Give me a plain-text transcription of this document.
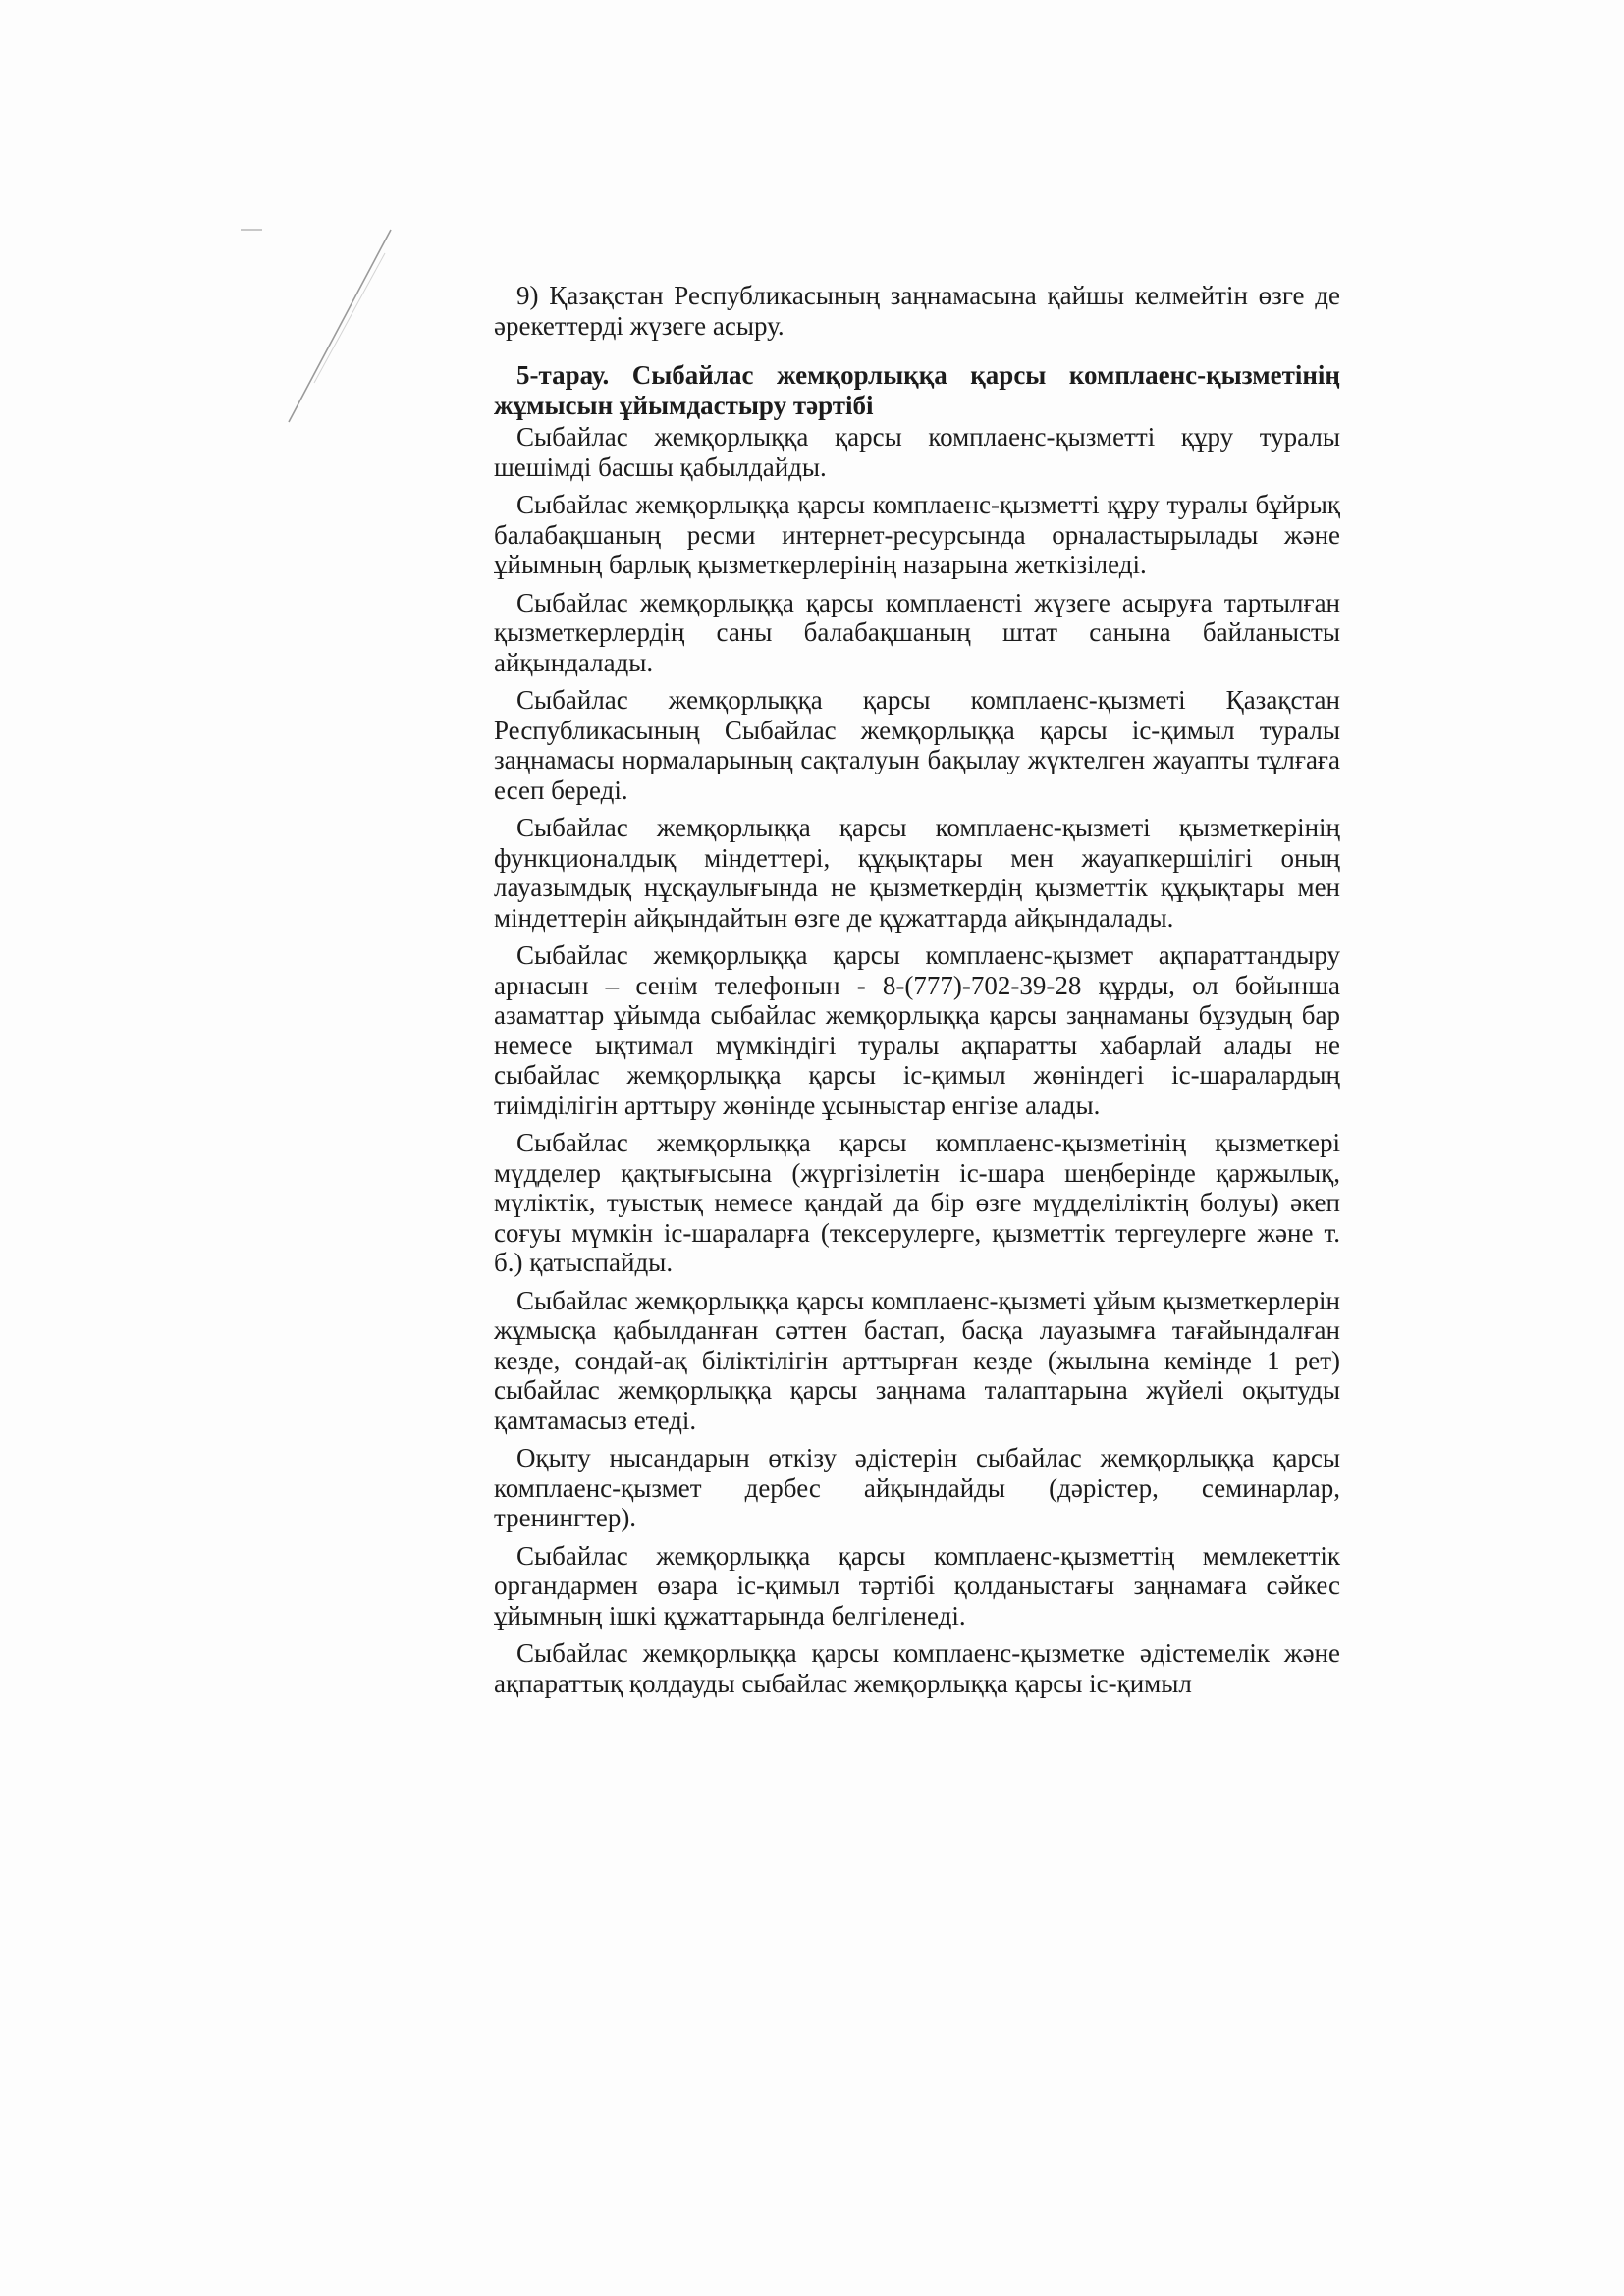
9) Қазақстан Республикасының заңнамасына қайшы келмейтін өзге де әрекеттерді жүзеге асыру.

5-тарау. Сыбайлас жемқорлыққа қарсы комплаенс-қызметінің жұмысын ұйымдастыру тәртібі

Сыбайлас жемқорлыққа қарсы комплаенс-қызметті құру туралы шешімді басшы қабылдайды.

Сыбайлас жемқорлыққа қарсы комплаенс-қызметті құру туралы бұйрық балабақшаның ресми интернет-ресурсында орналастырылады және ұйымның барлық қызметкерлерінің назарына жеткізіледі.

Сыбайлас жемқорлыққа қарсы комплаенсті жүзеге асыруға тартылған қызметкерлердің саны балабақшаның штат санына байланысты айқындалады.

Сыбайлас жемқорлыққа қарсы комплаенс-қызметі Қазақстан Республикасының Сыбайлас жемқорлыққа қарсы іс-қимыл туралы заңнамасы нормаларының сақталуын бақылау жүктелген жауапты тұлғаға есеп береді.

Сыбайлас жемқорлыққа қарсы комплаенс-қызметі қызметкерінің функционалдық міндеттері, құқықтары мен жауапкершілігі оның лауазымдық нұсқаулығында не қызметкердің қызметтік құқықтары мен міндеттерін айқындайтын өзге де құжаттарда айқындалады.

Сыбайлас жемқорлыққа қарсы комплаенс-қызмет ақпараттандыру арнасын – сенім телефонын - 8-(777)-702-39-28 құрды, ол бойынша азаматтар ұйымда сыбайлас жемқорлыққа қарсы заңнаманы бұзудың бар немесе ықтимал мүмкіндігі туралы ақпаратты хабарлай алады не сыбайлас жемқорлыққа қарсы іс-қимыл жөніндегі іс-шаралардың тиімділігін арттыру жөнінде ұсыныстар енгізе алады.

Сыбайлас жемқорлыққа қарсы комплаенс-қызметінің қызметкері мүдделер қақтығысына (жүргізілетін іс-шара шеңберінде қаржылық, мүліктік, туыстық немесе қандай да бір өзге мүдделіліктің болуы) әкеп соғуы мүмкін іс-шараларға (тексерулерге, қызметтік тергеулерге және т. б.) қатыспайды.

Сыбайлас жемқорлыққа қарсы комплаенс-қызметі ұйым қызметкерлерін жұмысқа қабылданған сәттен бастап, басқа лауазымға тағайындалған кезде, сондай-ақ біліктілігін арттырған кезде (жылына кемінде 1 рет) сыбайлас жемқорлыққа қарсы заңнама талаптарына жүйелі оқытуды қамтамасыз етеді.

Оқыту нысандарын өткізу әдістерін сыбайлас жемқорлыққа қарсы комплаенс-қызмет дербес айқындайды (дәрістер, семинарлар, тренингтер).

Сыбайлас жемқорлыққа қарсы комплаенс-қызметтің мемлекеттік органдармен өзара іс-қимыл тәртібі қолданыстағы заңнамаға сәйкес ұйымның ішкі құжаттарында белгіленеді.

Сыбайлас жемқорлыққа қарсы комплаенс-қызметке әдістемелік және ақпараттық қолдауды сыбайлас жемқорлыққа қарсы іс-қимыл
